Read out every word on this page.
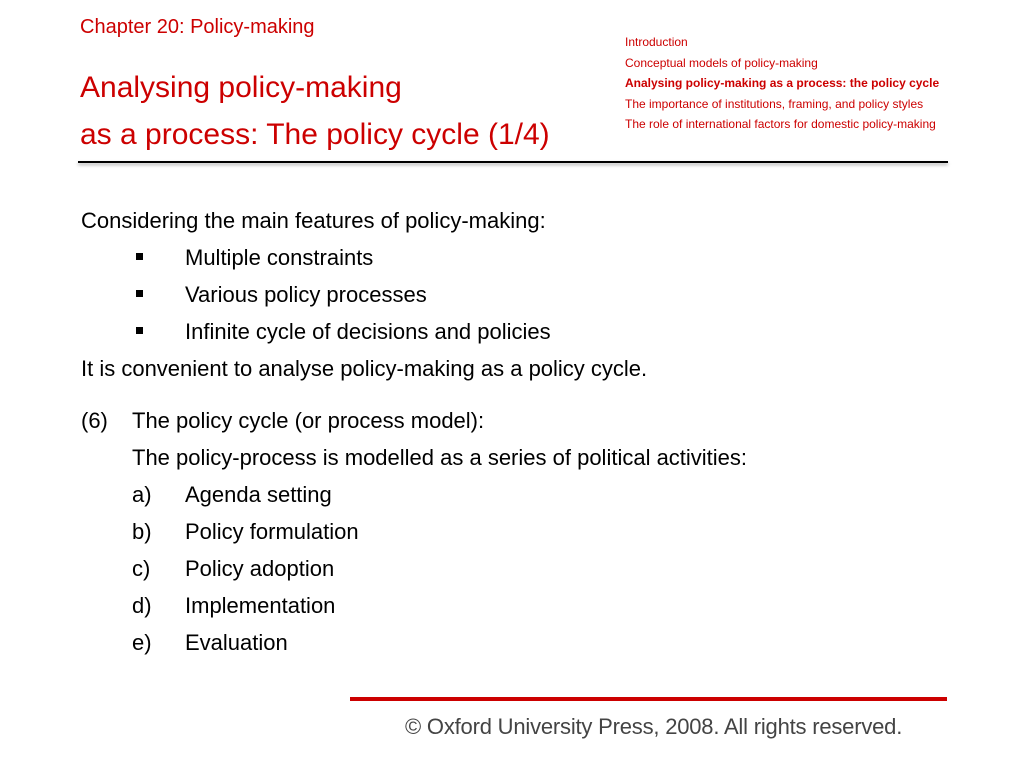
Chapter 20: Policy-making
Analysing policy-making
as a process: The policy cycle (1/4)
Introduction
Conceptual models of policy-making
Analysing policy-making as a process: the policy cycle
The importance of institutions, framing, and policy styles
The role of international factors for domestic policy-making
Considering the main features of policy-making:
Multiple constraints
Various policy processes
Infinite cycle of decisions and policies
It is convenient to analyse policy-making as a policy cycle.
(6) The policy cycle (or process model):
The policy-process is modelled as a series of political activities:
a) Agenda setting
b) Policy formulation
c) Policy adoption
d) Implementation
e) Evaluation
© Oxford University Press, 2008. All rights reserved.
